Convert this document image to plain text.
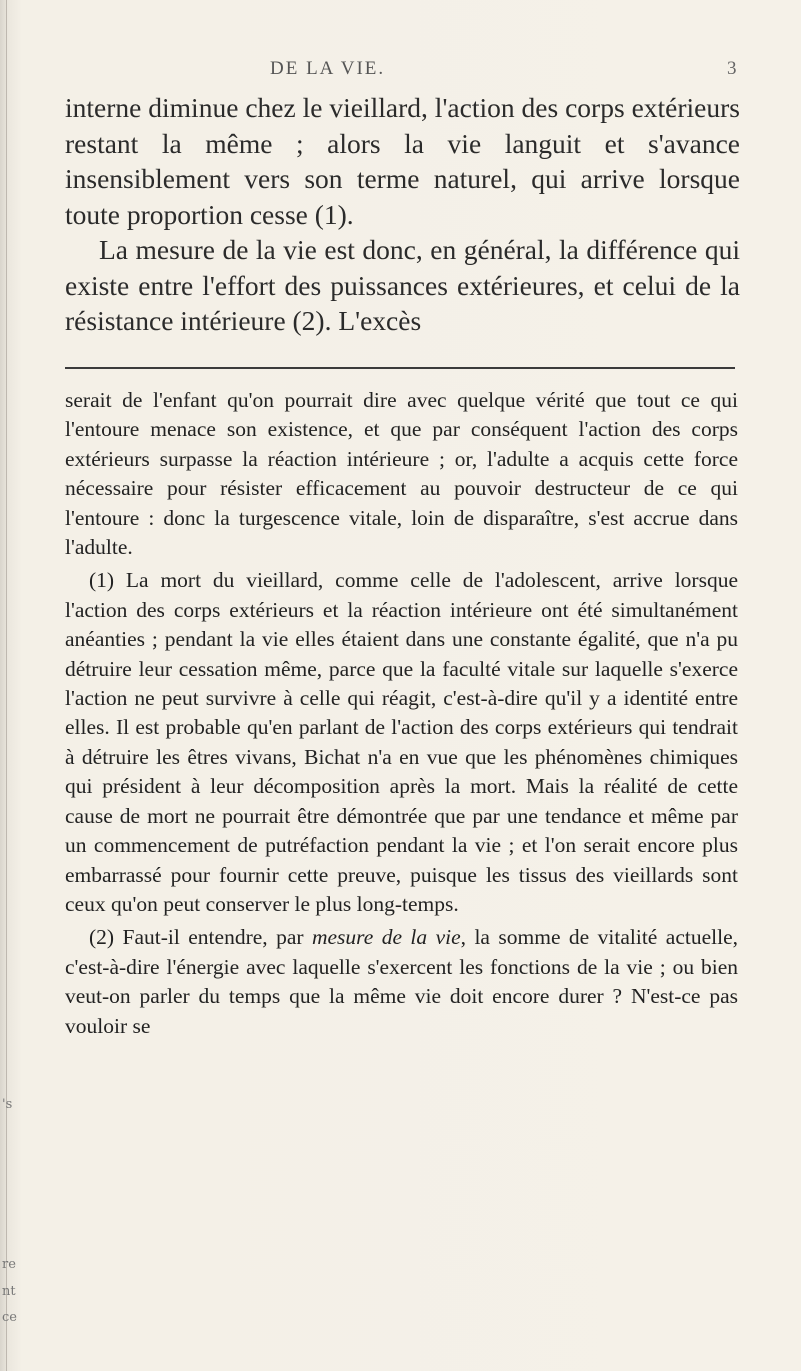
's
re
nt
ce
DE LA VIE.	3

interne diminue chez le vieillard, l'action des corps extérieurs restant la même ; alors la vie languit et s'avance insensiblement vers son terme naturel, qui arrive lorsque toute proportion cesse (1).

La mesure de la vie est donc, en général, la différence qui existe entre l'effort des puissances extérieures, et celui de la résistance intérieure (2). L'excès

serait de l'enfant qu'on pourrait dire avec quelque vérité que tout ce qui l'entoure menace son existence, et que par conséquent l'action des corps extérieurs surpasse la réaction intérieure ; or, l'adulte a acquis cette force nécessaire pour résister efficacement au pouvoir destructeur de ce qui l'entoure : donc la turgescence vitale, loin de disparaître, s'est accrue dans l'adulte.

(1) La mort du vieillard, comme celle de l'adolescent, arrive lorsque l'action des corps extérieurs et la réaction intérieure ont été simultanément anéanties ; pendant la vie elles étaient dans une constante égalité, que n'a pu détruire leur cessation même, parce que la faculté vitale sur laquelle s'exerce l'action ne peut survivre à celle qui réagit, c'est-à-dire qu'il y a identité entre elles. Il est probable qu'en parlant de l'action des corps extérieurs qui tendrait à détruire les êtres vivans, Bichat n'a en vue que les phénomènes chimiques qui président à leur décomposition après la mort. Mais la réalité de cette cause de mort ne pourrait être démontrée que par une tendance et même par un commencement de putréfaction pendant la vie ; et l'on serait encore plus embarrassé pour fournir cette preuve, puisque les tissus des vieillards sont ceux qu'on peut conserver le plus long-temps.

(2) Faut-il entendre, par mesure de la vie, la somme de vitalité actuelle, c'est-à-dire l'énergie avec laquelle s'exercent les fonctions de la vie ; ou bien veut-on parler du temps que la même vie doit encore durer ? N'est-ce pas vouloir se
